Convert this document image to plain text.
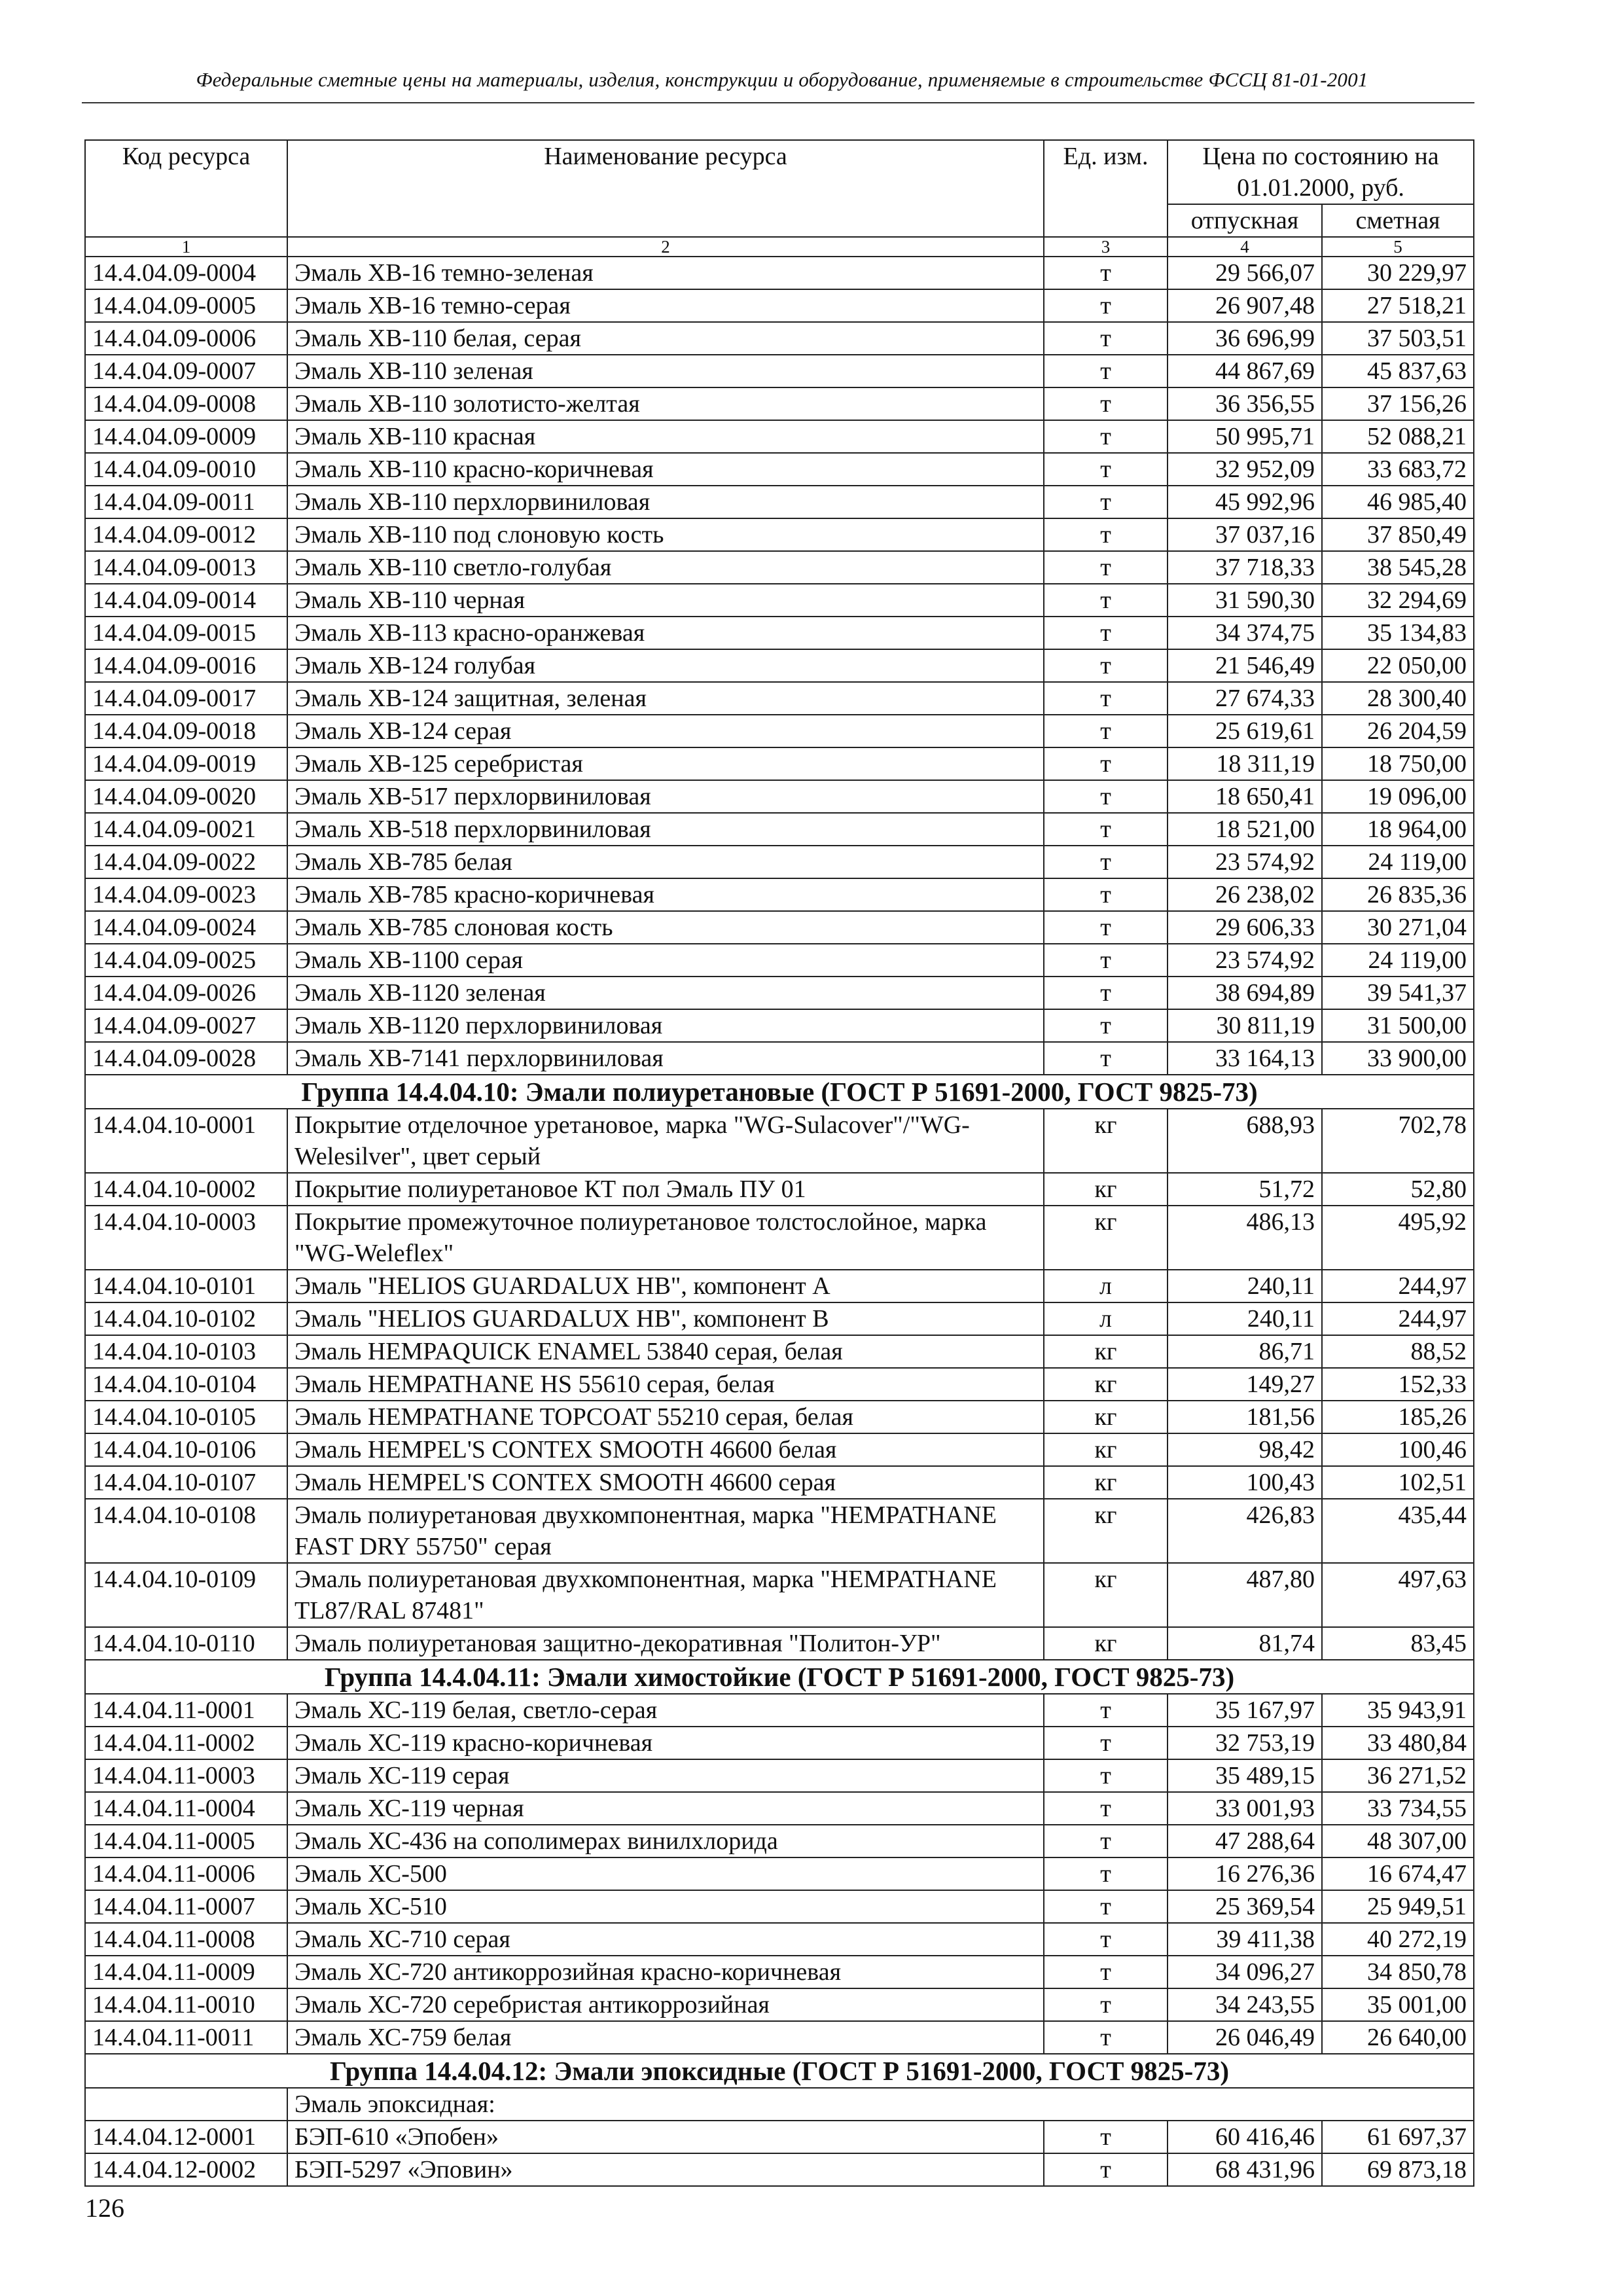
Федеральные сметные цены на материалы, изделия, конструкции и оборудование, применяемые в строительстве ФССЦ 81-01-2001
Код ресурса	Наименование ресурса	Ед. изм.	Цена по состоянию на 01.01.2000, руб.	
			отпускная	сметная
1	2	3	4	5
14.4.04.09-0004	Эмаль ХВ-16 темно-зеленая	т	29 566,07	30 229,97
14.4.04.09-0005	Эмаль ХВ-16 темно-серая	т	26 907,48	27 518,21
14.4.04.09-0006	Эмаль ХВ-110 белая, серая	т	36 696,99	37 503,51
14.4.04.09-0007	Эмаль ХВ-110 зеленая	т	44 867,69	45 837,63
14.4.04.09-0008	Эмаль ХВ-110 золотисто-желтая	т	36 356,55	37 156,26
14.4.04.09-0009	Эмаль ХВ-110 красная	т	50 995,71	52 088,21
14.4.04.09-0010	Эмаль ХВ-110 красно-коричневая	т	32 952,09	33 683,72
14.4.04.09-0011	Эмаль ХВ-110 перхлорвиниловая	т	45 992,96	46 985,40
14.4.04.09-0012	Эмаль ХВ-110 под слоновую кость	т	37 037,16	37 850,49
14.4.04.09-0013	Эмаль ХВ-110 светло-голубая	т	37 718,33	38 545,28
14.4.04.09-0014	Эмаль ХВ-110 черная	т	31 590,30	32 294,69
14.4.04.09-0015	Эмаль ХВ-113 красно-оранжевая	т	34 374,75	35 134,83
14.4.04.09-0016	Эмаль ХВ-124 голубая	т	21 546,49	22 050,00
14.4.04.09-0017	Эмаль ХВ-124 защитная, зеленая	т	27 674,33	28 300,40
14.4.04.09-0018	Эмаль ХВ-124 серая	т	25 619,61	26 204,59
14.4.04.09-0019	Эмаль ХВ-125 серебристая	т	18 311,19	18 750,00
14.4.04.09-0020	Эмаль ХВ-517 перхлорвиниловая	т	18 650,41	19 096,00
14.4.04.09-0021	Эмаль ХВ-518 перхлорвиниловая	т	18 521,00	18 964,00
14.4.04.09-0022	Эмаль ХВ-785 белая	т	23 574,92	24 119,00
14.4.04.09-0023	Эмаль ХВ-785 красно-коричневая	т	26 238,02	26 835,36
14.4.04.09-0024	Эмаль ХВ-785 слоновая кость	т	29 606,33	30 271,04
14.4.04.09-0025	Эмаль ХВ-1100 серая	т	23 574,92	24 119,00
14.4.04.09-0026	Эмаль ХВ-1120 зеленая	т	38 694,89	39 541,37
14.4.04.09-0027	Эмаль ХВ-1120 перхлорвиниловая	т	30 811,19	31 500,00
14.4.04.09-0028	Эмаль ХВ-7141 перхлорвиниловая	т	33 164,13	33 900,00
Группа 14.4.04.10: Эмали полиуретановые (ГОСТ Р 51691-2000, ГОСТ 9825-73)				
14.4.04.10-0001	Покрытие отделочное уретановое, марка "WG-Sulacover"/"WG- Welesilver", цвет серый	кг	688,93	702,78
14.4.04.10-0002	Покрытие полиуретановое КТ пол Эмаль ПУ 01	кг	51,72	52,80
14.4.04.10-0003	Покрытие промежуточное полиуретановое толстослойное, марка "WG-Weleflex"	кг	486,13	495,92
14.4.04.10-0101	Эмаль "HELIOS GUARDALUX HB", компонент А	л	240,11	244,97
14.4.04.10-0102	Эмаль "HELIOS GUARDALUX HB", компонент В	л	240,11	244,97
14.4.04.10-0103	Эмаль HEMPAQUICK ENAMEL 53840 серая, белая	кг	86,71	88,52
14.4.04.10-0104	Эмаль HEMPATHANE HS 55610 серая, белая	кг	149,27	152,33
14.4.04.10-0105	Эмаль HEMPATHANE TOPCOAT 55210 серая, белая	кг	181,56	185,26
14.4.04.10-0106	Эмаль HEMPEL'S CONTEX SMOOTH 46600 белая	кг	98,42	100,46
14.4.04.10-0107	Эмаль HEMPEL'S CONTEX SMOOTH 46600 серая	кг	100,43	102,51
14.4.04.10-0108	Эмаль полиуретановая двухкомпонентная, марка "HEMPATHANE FAST DRY 55750" серая	кг	426,83	435,44
14.4.04.10-0109	Эмаль полиуретановая двухкомпонентная, марка "HEMPATHANE TL87/RAL 87481"	кг	487,80	497,63
14.4.04.10-0110	Эмаль полиуретановая защитно-декоративная "Политон-УР"	кг	81,74	83,45
Группа 14.4.04.11: Эмали химостойкие (ГОСТ Р 51691-2000, ГОСТ 9825-73)				
14.4.04.11-0001	Эмаль ХС-119 белая, светло-серая	т	35 167,97	35 943,91
14.4.04.11-0002	Эмаль ХС-119 красно-коричневая	т	32 753,19	33 480,84
14.4.04.11-0003	Эмаль ХС-119 серая	т	35 489,15	36 271,52
14.4.04.11-0004	Эмаль ХС-119 черная	т	33 001,93	33 734,55
14.4.04.11-0005	Эмаль ХС-436 на сополимерах винилхлорида	т	47 288,64	48 307,00
14.4.04.11-0006	Эмаль ХС-500	т	16 276,36	16 674,47
14.4.04.11-0007	Эмаль ХС-510	т	25 369,54	25 949,51
14.4.04.11-0008	Эмаль ХС-710 серая	т	39 411,38	40 272,19
14.4.04.11-0009	Эмаль ХС-720 антикоррозийная красно-коричневая	т	34 096,27	34 850,78
14.4.04.11-0010	Эмаль ХС-720 серебристая антикоррозийная	т	34 243,55	35 001,00
14.4.04.11-0011	Эмаль ХС-759 белая	т	26 046,49	26 640,00
Группа 14.4.04.12: Эмали эпоксидные (ГОСТ Р 51691-2000, ГОСТ 9825-73)				
	Эмаль эпоксидная:			
14.4.04.12-0001	БЭП-610 «Эпобен»	т	60 416,46	61 697,37
14.4.04.12-0002	БЭП-5297 «Эповин»	т	68 431,96	69 873,18
126
